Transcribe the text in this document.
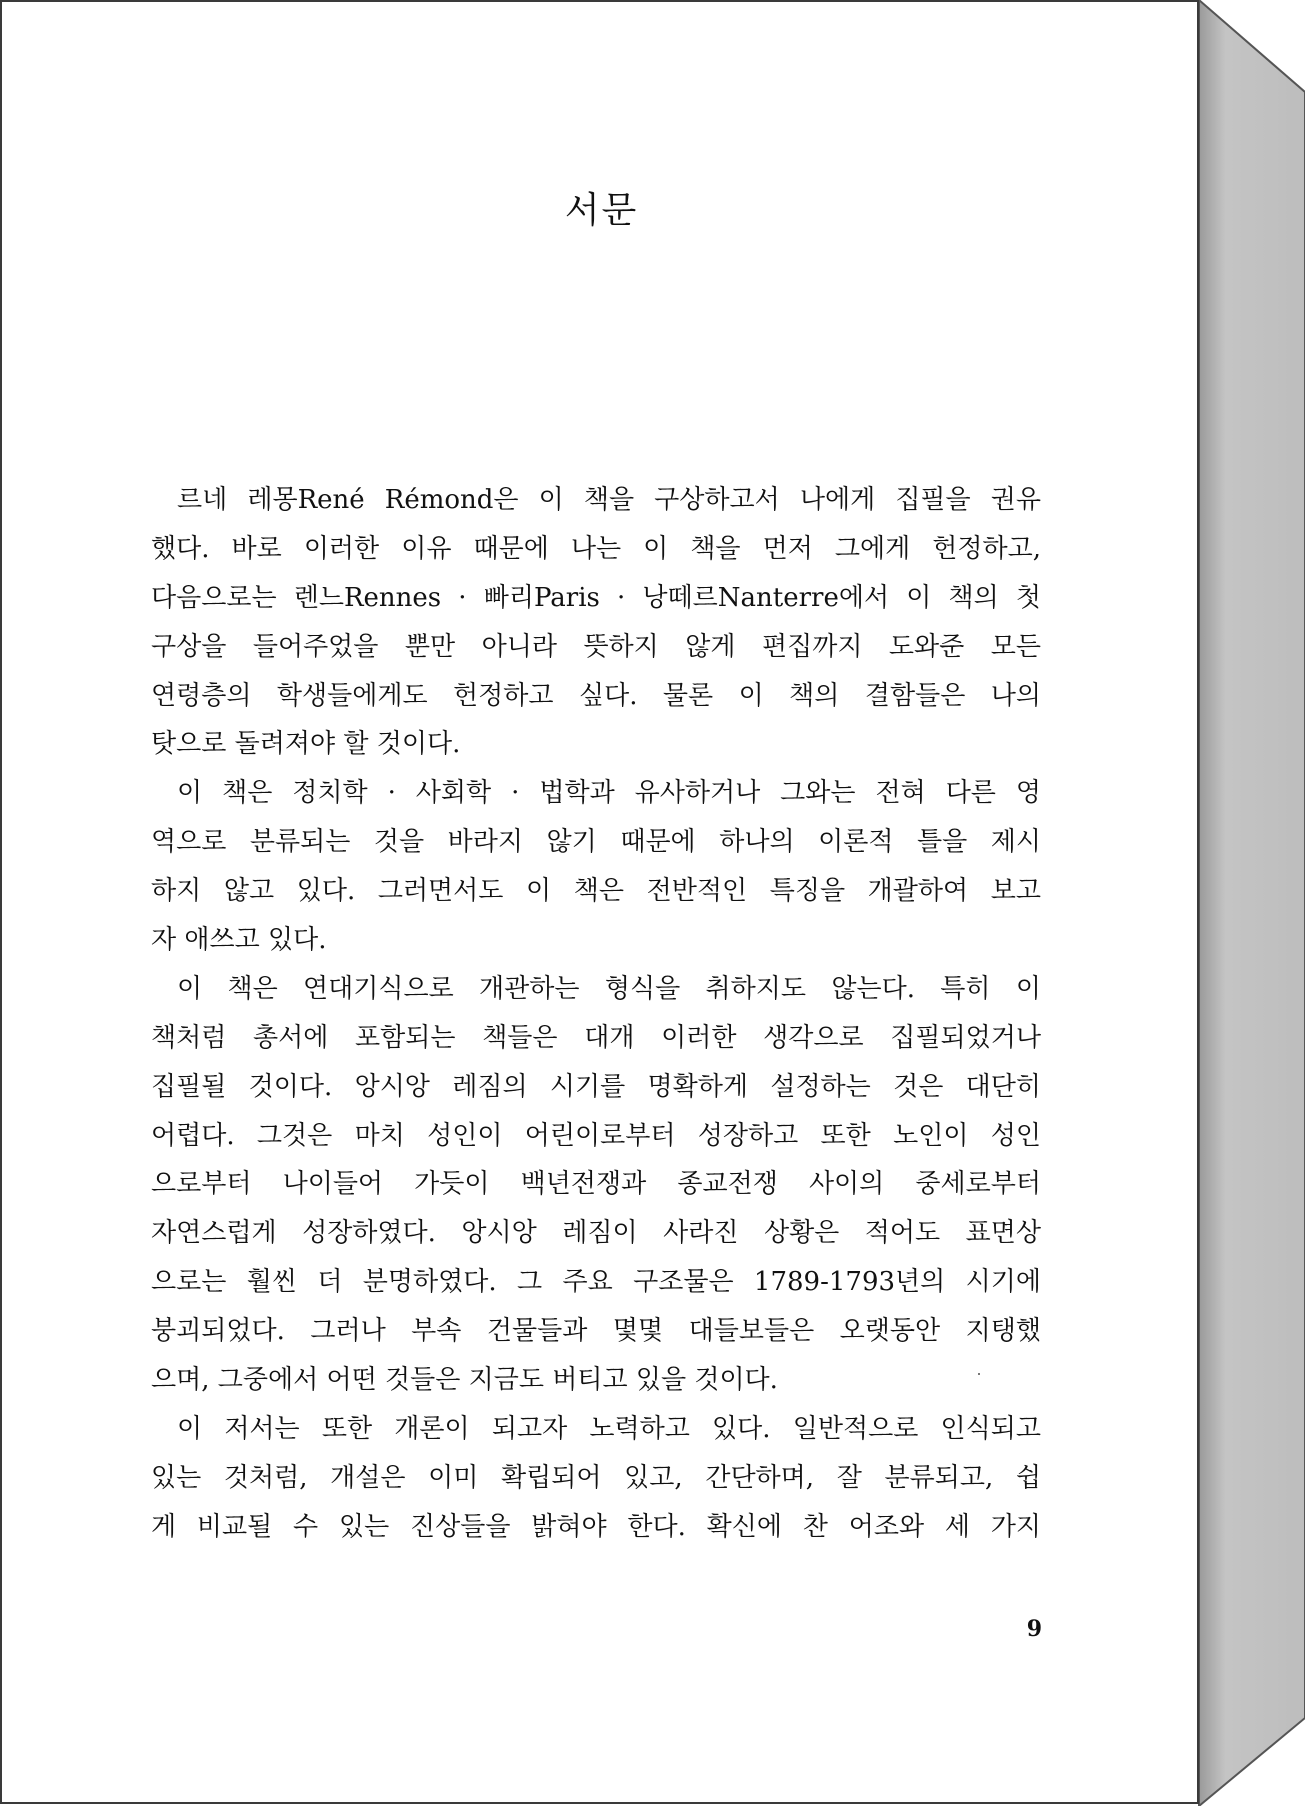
서문
르네 레몽René Rémond은 이 책을 구상하고서 나에게 집필을 권유
했다. 바로 이러한 이유 때문에 나는 이 책을 먼저 그에게 헌정하고,
다음으로는 렌느Rennes · 빠리Paris · 낭떼르Nanterre에서 이 책의 첫
구상을 들어주었을 뿐만 아니라 뜻하지 않게 편집까지 도와준 모든
연령층의 학생들에게도 헌정하고 싶다. 물론 이 책의 결함들은 나의
탓으로 돌려져야 할 것이다.
이 책은 정치학 · 사회학 · 법학과 유사하거나 그와는 전혀 다른 영
역으로 분류되는 것을 바라지 않기 때문에 하나의 이론적 틀을 제시
하지 않고 있다. 그러면서도 이 책은 전반적인 특징을 개괄하여 보고
자 애쓰고 있다.
이 책은 연대기식으로 개관하는 형식을 취하지도 않는다. 특히 이
책처럼 총서에 포함되는 책들은 대개 이러한 생각으로 집필되었거나
집필될 것이다. 앙시앙 레짐의 시기를 명확하게 설정하는 것은 대단히
어렵다. 그것은 마치 성인이 어린이로부터 성장하고 또한 노인이 성인
으로부터 나이들어 가듯이 백년전쟁과 종교전쟁 사이의 중세로부터
자연스럽게 성장하였다. 앙시앙 레짐이 사라진 상황은 적어도 표면상
으로는 훨씬 더 분명하였다. 그 주요 구조물은 1789-1793년의 시기에
붕괴되었다. 그러나 부속 건물들과 몇몇 대들보들은 오랫동안 지탱했
으며, 그중에서 어떤 것들은 지금도 버티고 있을 것이다.
이 저서는 또한 개론이 되고자 노력하고 있다. 일반적으로 인식되고
있는 것처럼, 개설은 이미 확립되어 있고, 간단하며, 잘 분류되고, 쉽
게 비교될 수 있는 진상들을 밝혀야 한다. 확신에 찬 어조와 세 가지
9
